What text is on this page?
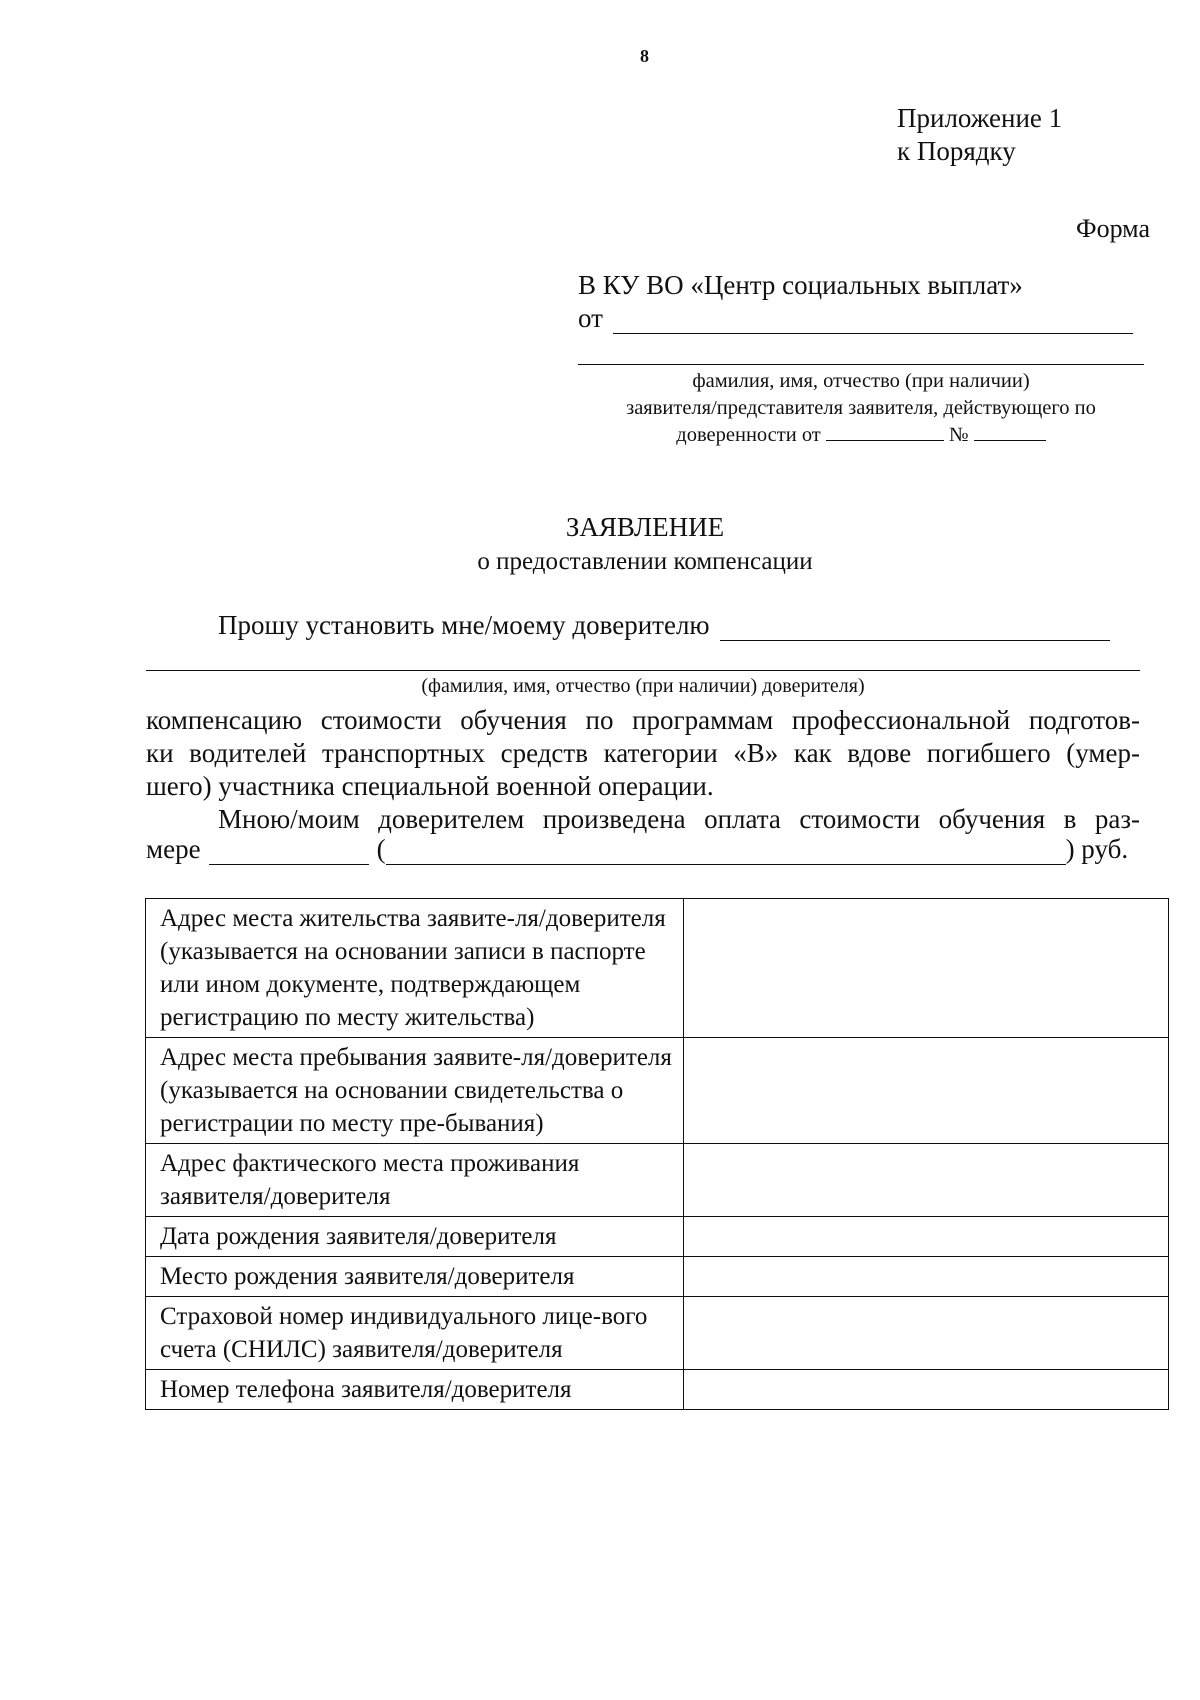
8
Приложение 1
к Порядку
Форма
В КУ ВО «Центр социальных выплат»
от
фамилия, имя, отчество (при наличии)
заявителя/представителя заявителя, действующего по
доверенности от	№
ЗАЯВЛЕНИЕ
о предоставлении компенсации
Прошу установить мне/моему доверителю
(фамилия, имя, отчество (при наличии) доверителя)
компенсацию стоимости обучения по программам профессиональной подготов-
ки водителей транспортных средств категории «В» как вдове погибшего (умер-
шего) участника специальной военной операции.
Мною/моим доверителем произведена оплата стоимости обучения в раз-
мере	(	) руб.
Адрес места жительства заявите-ля/доверителя (указывается на основании записи в паспорте или ином документе, подтверждающем регистрацию по месту жительства)	
Адрес места пребывания заявите-ля/доверителя (указывается на основании свидетельства о регистрации по месту пре-бывания)	
Адрес фактического места проживания заявителя/доверителя	
Дата рождения заявителя/доверителя	
Место рождения заявителя/доверителя	
Страховой номер индивидуального лице-вого счета (СНИЛС) заявителя/доверителя	
Номер телефона заявителя/доверителя	
